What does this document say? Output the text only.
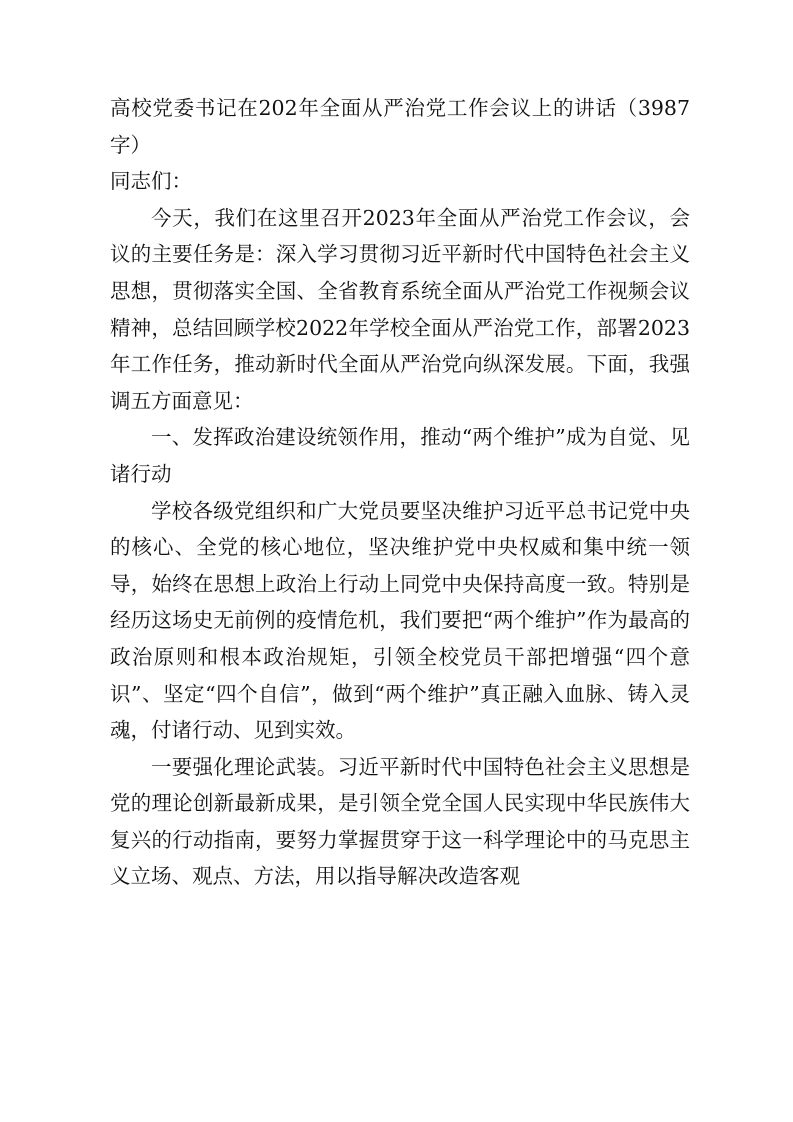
高校党委书记在202年全面从严治党工作会议上的讲话（3987字）

同志们：

今天，我们在这里召开2023年全面从严治党工作会议，会议的主要任务是：深入学习贯彻习近平新时代中国特色社会主义思想，贯彻落实全国、全省教育系统全面从严治党工作视频会议精神，总结回顾学校2022年学校全面从严治党工作，部署2023年工作任务，推动新时代全面从严治党向纵深发展。下面，我强调五方面意见：

一、发挥政治建设统领作用，推动“两个维护”成为自觉、见诸行动

学校各级党组织和广大党员要坚决维护习近平总书记党中央的核心、全党的核心地位，坚决维护党中央权威和集中统一领导，始终在思想上政治上行动上同党中央保持高度一致。特别是经历这场史无前例的疫情危机，我们要把“两个维护”作为最高的政治原则和根本政治规矩，引领全校党员干部把增强“四个意识”、坚定“四个自信”，做到“两个维护”真正融入血脉、铸入灵魂，付诸行动、见到实效。

一要强化理论武装。习近平新时代中国特色社会主义思想是党的理论创新最新成果，是引领全党全国人民实现中华民族伟大复兴的行动指南，要努力掌握贯穿于这一科学理论中的马克思主义立场、观点、方法，用以指导解决改造客观
